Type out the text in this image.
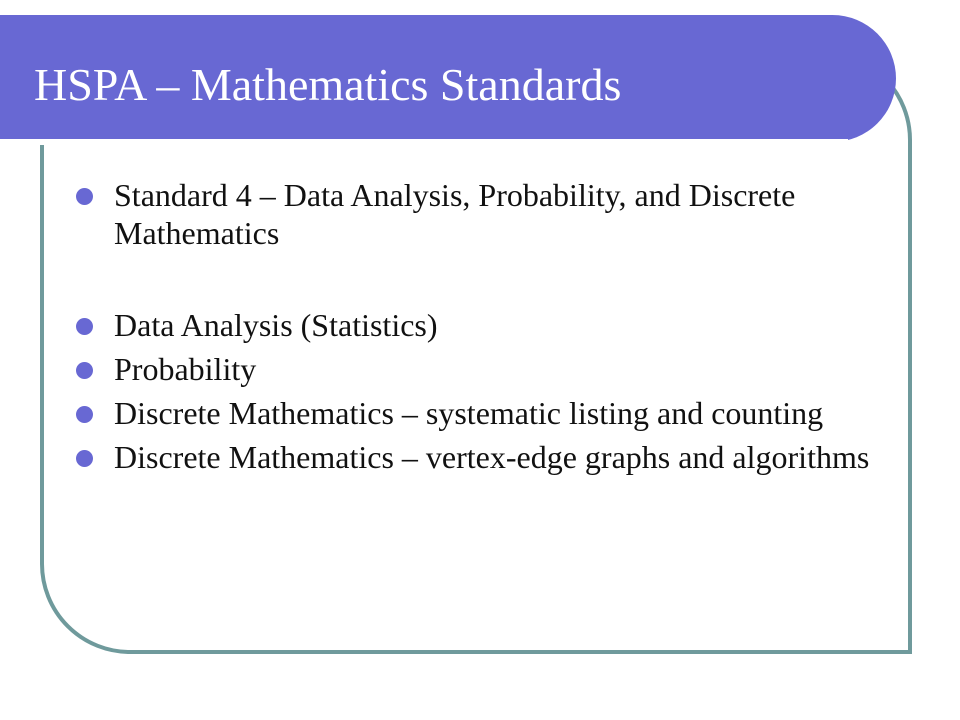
HSPA – Mathematics Standards
Standard 4 – Data Analysis, Probability, and Discrete Mathematics
Data Analysis (Statistics)
Probability
Discrete Mathematics – systematic listing and counting
Discrete Mathematics – vertex-edge graphs and algorithms
